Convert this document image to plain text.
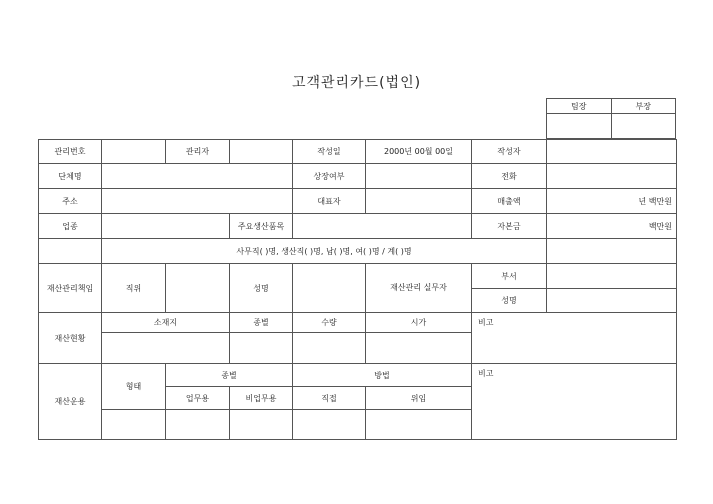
고객관리카드(법인)
팀장	부장

관리번호		관리자		작성일	2000년 00월 00일	작성자	
단체명				상장여부		전화	
주소				대표자		매출액	년 백만원
업종			주요생산품목			자본금	백만원
	사무직( )명, 생산직( )명, 남( )명, 여( )명 / 계( )명						
재산관리책임	직위		성명		재산관리 실무자	부서	
						성명	
재산현황	소재지		종별	수량	시가	비고	

재산운용	형태	종별		방법		비고	
		업무용	비업무용	직접	위임		
